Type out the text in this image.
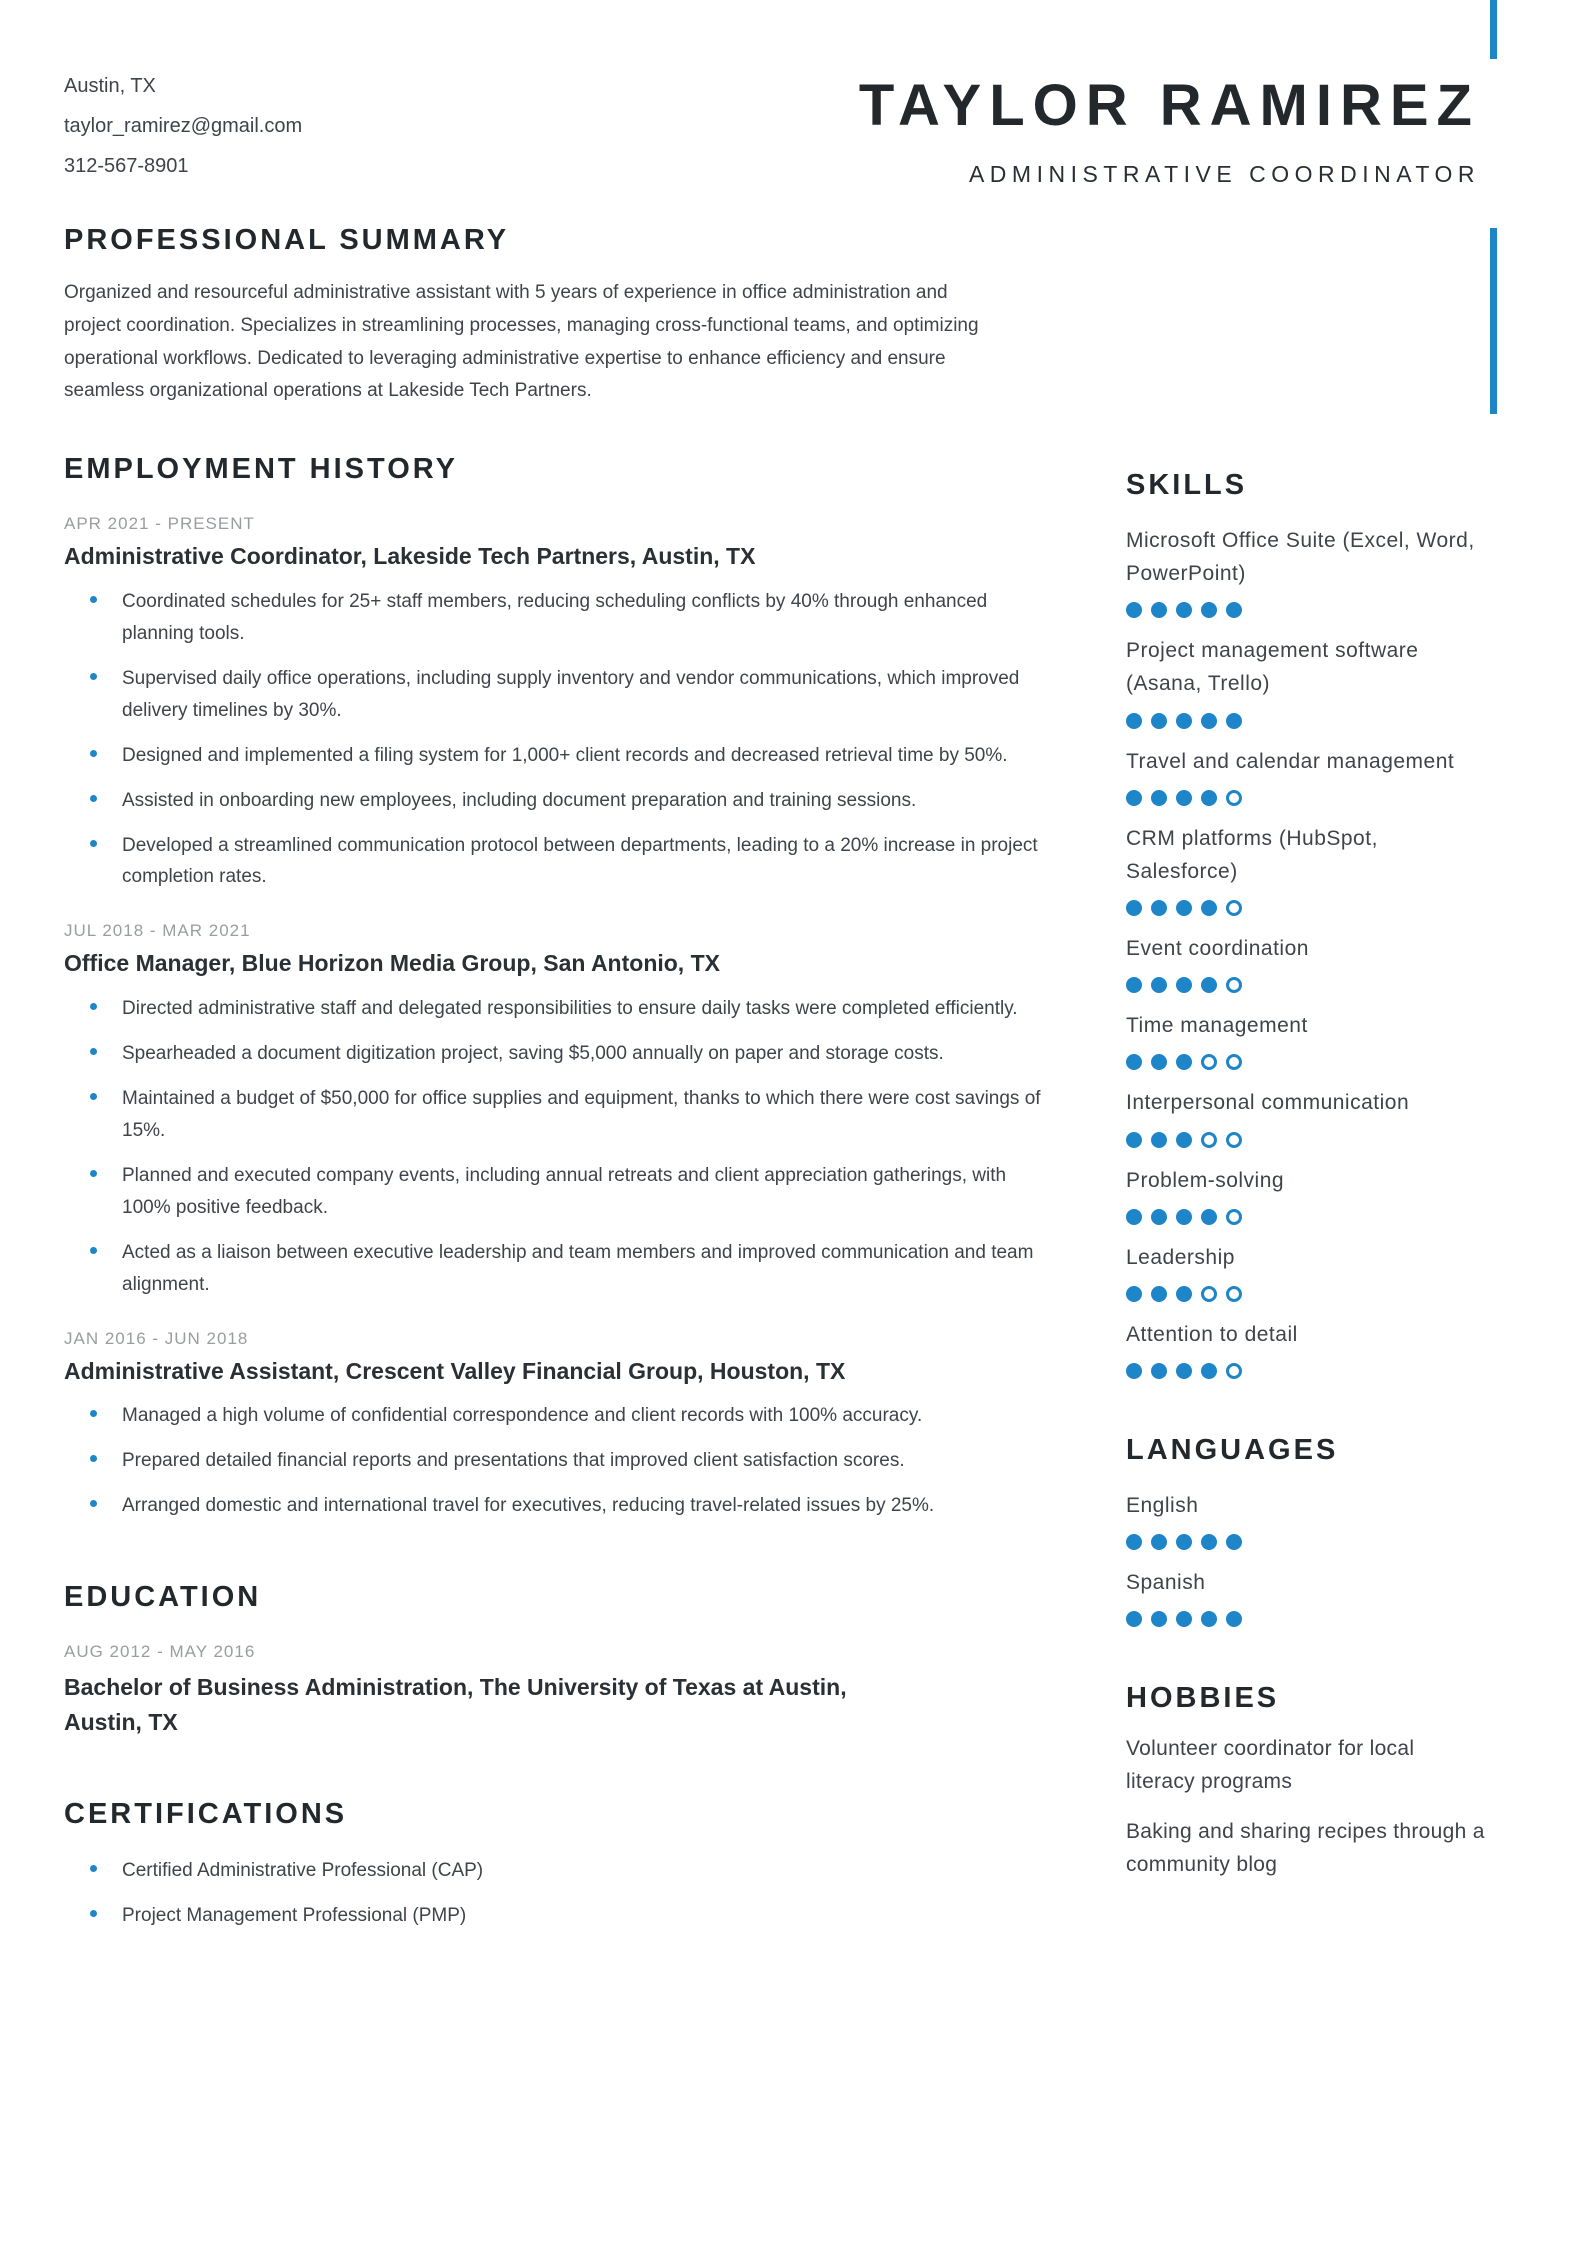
Austin, TX
taylor_ramirez@gmail.com
312-567-8901
TAYLOR RAMIREZ
ADMINISTRATIVE COORDINATOR
PROFESSIONAL SUMMARY

Organized and resourceful administrative assistant with 5 years of experience in office administration and project coordination. Specializes in streamlining processes, managing cross-functional teams, and optimizing operational workflows. Dedicated to leveraging administrative expertise to enhance efficiency and ensure seamless organizational operations at Lakeside Tech Partners.

EMPLOYMENT HISTORY
APR 2021 - PRESENT
Administrative Coordinator, Lakeside Tech Partners, Austin, TX
Coordinated schedules for 25+ staff members, reducing scheduling conflicts by 40% through enhanced planning tools.
Supervised daily office operations, including supply inventory and vendor communications, which improved delivery timelines by 30%.
Designed and implemented a filing system for 1,000+ client records and decreased retrieval time by 50%.
Assisted in onboarding new employees, including document preparation and training sessions.
Developed a streamlined communication protocol between departments, leading to a 20% increase in project completion rates.
JUL 2018 - MAR 2021
Office Manager, Blue Horizon Media Group, San Antonio, TX
Directed administrative staff and delegated responsibilities to ensure daily tasks were completed efficiently.
Spearheaded a document digitization project, saving $5,000 annually on paper and storage costs.
Maintained a budget of $50,000 for office supplies and equipment, thanks to which there were cost savings of 15%.
Planned and executed company events, including annual retreats and client appreciation gatherings, with 100% positive feedback.
Acted as a liaison between executive leadership and team members and improved communication and team alignment.
JAN 2016 - JUN 2018
Administrative Assistant, Crescent Valley Financial Group, Houston, TX
Managed a high volume of confidential correspondence and client records with 100% accuracy.
Prepared detailed financial reports and presentations that improved client satisfaction scores.
Arranged domestic and international travel for executives, reducing travel-related issues by 25%.
EDUCATION
AUG 2012 - MAY 2016
Bachelor of Business Administration, The University of Texas at Austin, Austin, TX
CERTIFICATIONS
Certified Administrative Professional (CAP)
Project Management Professional (PMP)
SKILLS
Microsoft Office Suite (Excel, Word, PowerPoint)
Project management software (Asana, Trello)
Travel and calendar management
CRM platforms (HubSpot, Salesforce)
Event coordination
Time management
Interpersonal communication
Problem-solving
Leadership
Attention to detail
LANGUAGES
English
Spanish
HOBBIES

Volunteer coordinator for local literacy programs

Baking and sharing recipes through a community blog
